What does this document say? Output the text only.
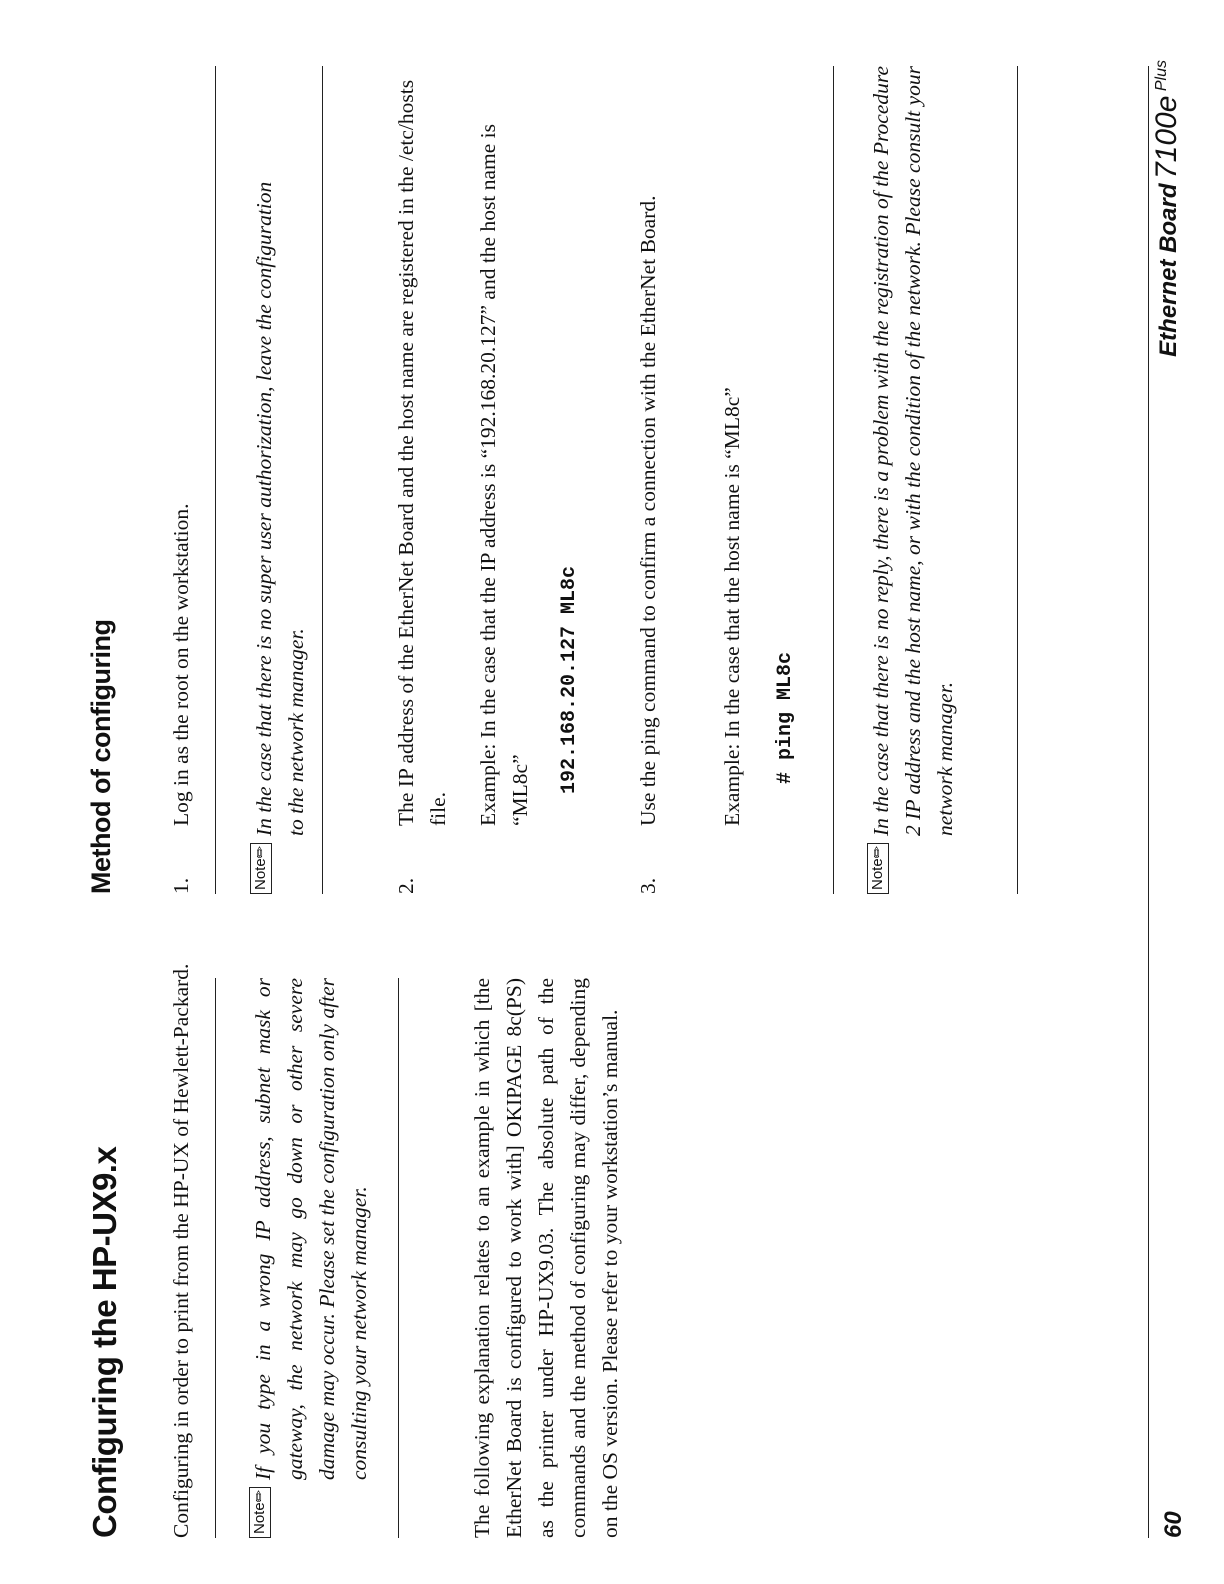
Configuring the HP-UX9.x Configuring in order to print from the HP-UX of Hewlett-Packard.	Note✏
If you type in a wrong IP address, subnet mask or gateway, the network may go down or other severe damage may occur. Please set the configuration only after consulting your network manager.	The following explanation relates to an example in which [the EtherNet Board is configured to work with] OKIPAGE 8c(PS) as the printer under HP-UX9.03. The absolute path of the commands and the method of configuring may differ, depending on the OS version. Please refer to your workstation’s manual.

Method of configuring 1.

Log in as the root on the workstation.

Note✏
In the case that there is no super user authorization, leave the configuration to the network manager.
2.

The IP address of the EtherNet Board and the host name are registered in the /etc/hosts file. Example: In the case that the IP address is “192.168.20.127” and the host name is “ML8c” 192.168.20.127 ML8c
3.

Use the ping command to confirm a connection with the EtherNet Board.	Example: In the case that the host name is “ML8c” # ping ML8c
Note✏
In the case that there is no reply, there is a problem with the registration of the Procedure 2 IP address and the host name, or with the condition of the network. Please consult your network manager.
60
Ethernet Board 7100e Plus
